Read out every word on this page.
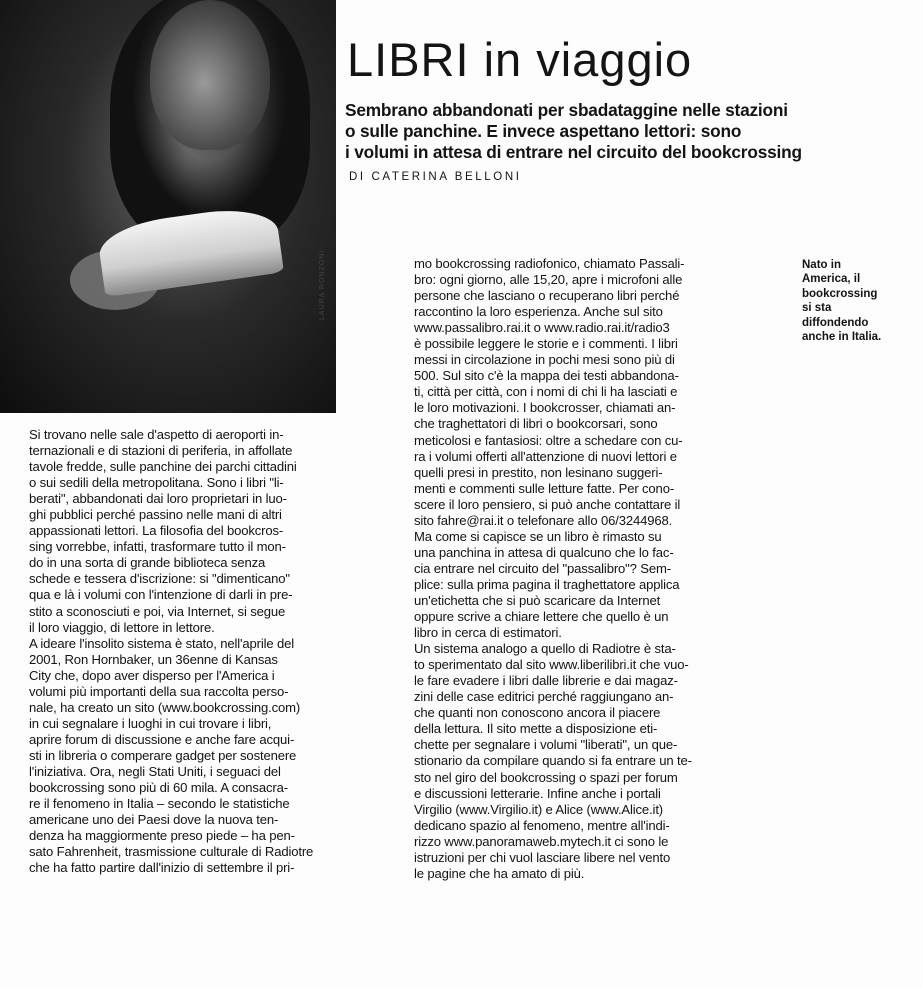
LAURA RONZONI
LIBRI in viaggio
Sembrano abbandonati per sbadataggine nelle stazioni
o sulle panchine. E invece aspettano lettori: sono
i volumi in attesa di entrare nel circuito del bookcrossing
DI CATERINA BELLONI
Nato in
America, il
bookcrossing
si sta
diffondendo
anche in Italia.
Si trovano nelle sale d'aspetto di aeroporti in-
ternazionali e di stazioni di periferia, in affollate
tavole fredde, sulle panchine dei parchi cittadini
o sui sedili della metropolitana. Sono i libri "li-
berati", abbandonati dai loro proprietari in luo-
ghi pubblici perché passino nelle mani di altri
appassionati lettori. La filosofia del bookcros-
sing vorrebbe, infatti, trasformare tutto il mon-
do in una sorta di grande biblioteca senza
schede e tessera d'iscrizione: si "dimenticano"
qua e là i volumi con l'intenzione di darli in pre-
stito a sconosciuti e poi, via Internet, si segue
il loro viaggio, di lettore in lettore.
A ideare l'insolito sistema è stato, nell'aprile del
2001, Ron Hornbaker, un 36enne di Kansas
City che, dopo aver disperso per l'America i
volumi più importanti della sua raccolta perso-
nale, ha creato un sito (www.bookcrossing.com)
in cui segnalare i luoghi in cui trovare i libri,
aprire forum di discussione e anche fare acqui-
sti in libreria o comperare gadget per sostenere
l'iniziativa. Ora, negli Stati Uniti, i seguaci del
bookcrossing sono più di 60 mila. A consacra-
re il fenomeno in Italia – secondo le statistiche
americane uno dei Paesi dove la nuova ten-
denza ha maggiormente preso piede – ha pen-
sato Fahrenheit, trasmissione culturale di Radiotre
che ha fatto partire dall'inizio di settembre il pri-
mo bookcrossing radiofonico, chiamato Passali-
bro: ogni giorno, alle 15,20, apre i microfoni alle
persone che lasciano o recuperano libri perché
raccontino la loro esperienza. Anche sul sito
www.passalibro.rai.it o www.radio.rai.it/radio3
è possibile leggere le storie e i commenti. I libri
messi in circolazione in pochi mesi sono più di
500. Sul sito c'è la mappa dei testi abbandona-
ti, città per città, con i nomi di chi li ha lasciati e
le loro motivazioni. I bookcrosser, chiamati an-
che traghettatori di libri o bookcorsari, sono
meticolosi e fantasiosi: oltre a schedare con cu-
ra i volumi offerti all'attenzione di nuovi lettori e
quelli presi in prestito, non lesinano suggeri-
menti e commenti sulle letture fatte. Per cono-
scere il loro pensiero, si può anche contattare il
sito fahre@rai.it o telefonare allo 06/3244968.
Ma come si capisce se un libro è rimasto su
una panchina in attesa di qualcuno che lo fac-
cia entrare nel circuito del "passalibro"? Sem-
plice: sulla prima pagina il traghettatore applica
un'etichetta che si può scaricare da Internet
oppure scrive a chiare lettere che quello è un
libro in cerca di estimatori.
Un sistema analogo a quello di Radiotre è sta-
to sperimentato dal sito www.liberilibri.it che vuo-
le fare evadere i libri dalle librerie e dai magaz-
zini delle case editrici perché raggiungano an-
che quanti non conoscono ancora il piacere
della lettura. Il sito mette a disposizione eti-
chette per segnalare i volumi "liberati", un que-
stionario da compilare quando si fa entrare un te-
sto nel giro del bookcrossing o spazi per forum
e discussioni letterarie. Infine anche i portali
Virgilio (www.Virgilio.it) e Alice (www.Alice.it)
dedicano spazio al fenomeno, mentre all'indi-
rizzo www.panoramaweb.mytech.it ci sono le
istruzioni per chi vuol lasciare libere nel vento
le pagine che ha amato di più.
